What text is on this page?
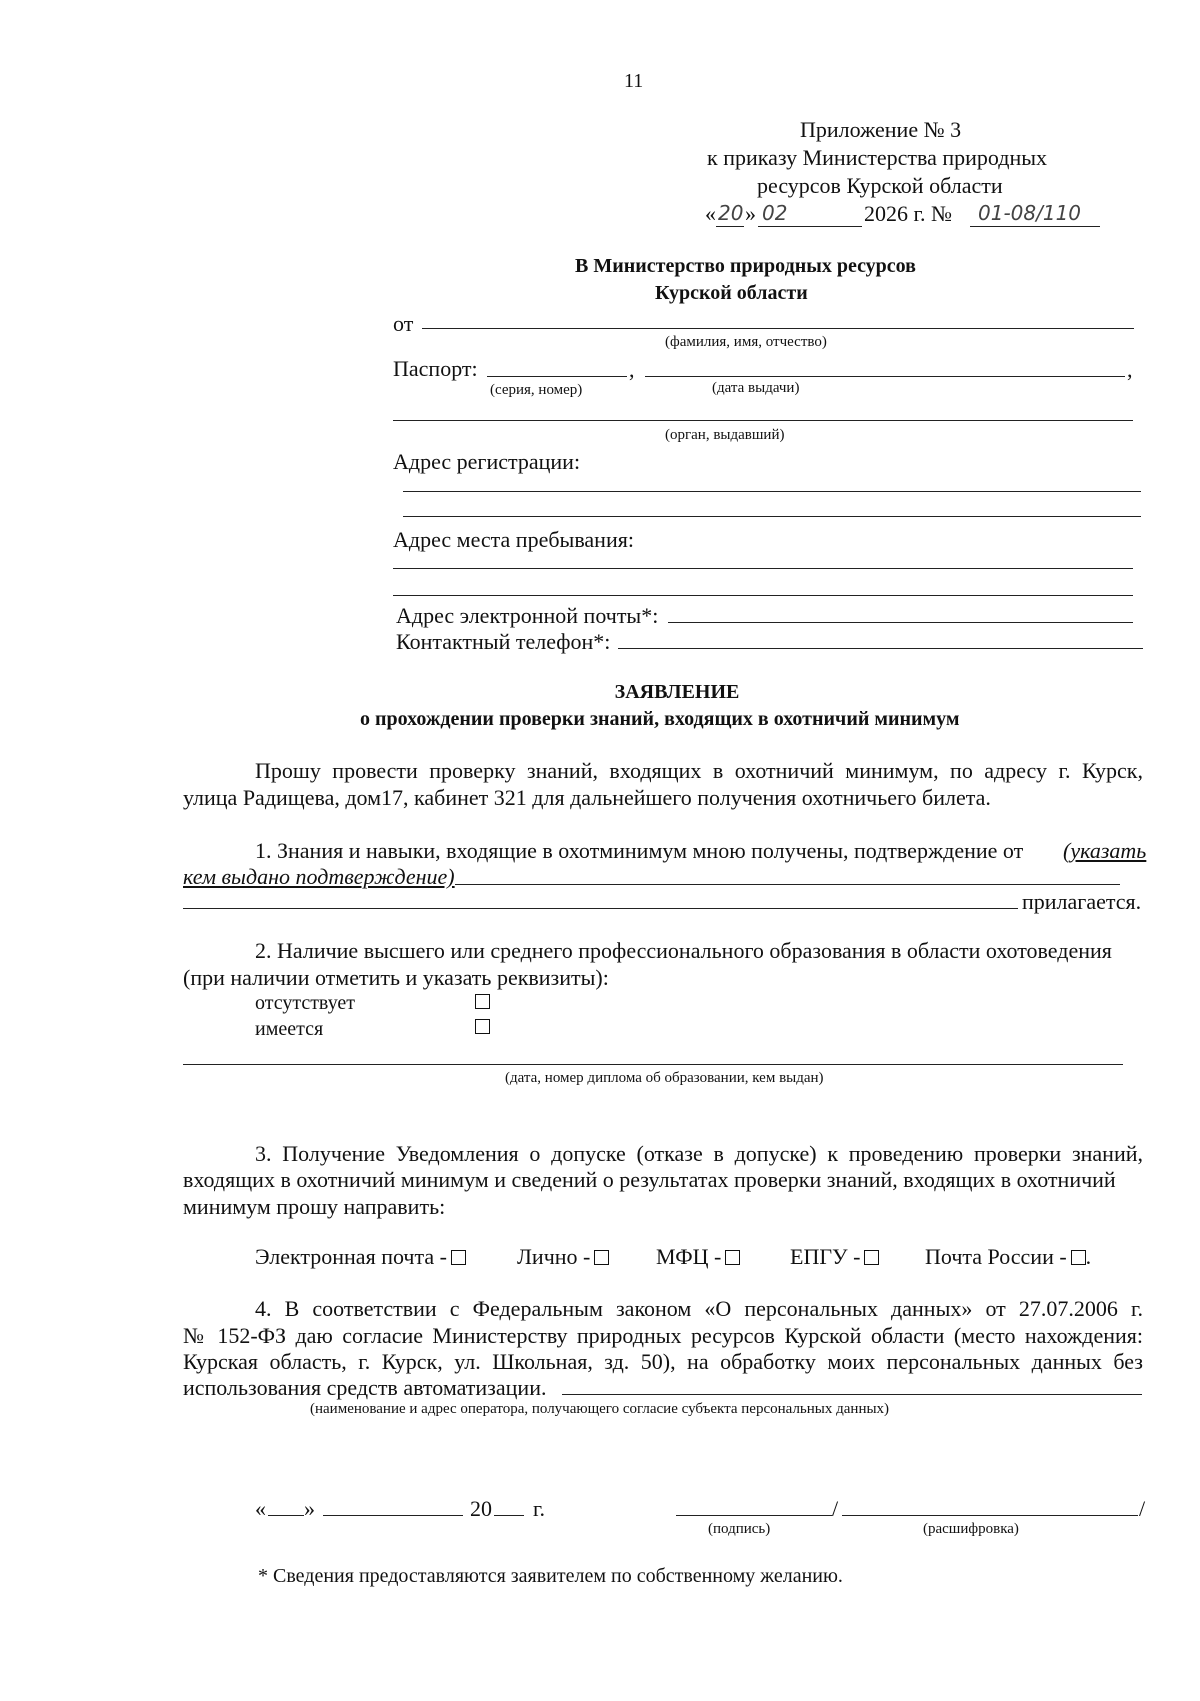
11
Приложение № 3
к приказу Министерства природных
ресурсов Курской области
« 20 » 02	2026 г. № 01-08/110
В Министерство природных ресурсов
Курской области
от
(фамилия, имя, отчество)
Паспорт:	,	,
(серия, номер)	(дата выдачи)
(орган, выдавший)
Адрес регистрации:
Адрес места пребывания:
Адрес электронной почты*:
Контактный телефон*:
ЗАЯВЛЕНИЕ
о прохождении проверки знаний, входящих в охотничий минимум
Прошу провести проверку знаний, входящих в охотничий минимум, по адресу г. Курск,
улица Радищева, дом17, кабинет 321 для дальнейшего получения охотничьего билета.
1. Знания и навыки, входящие в охотминимум мною получены, подтверждение от (указать
кем выдано подтверждение)
прилагается.
2. Наличие высшего или среднего профессионального образования в области охотоведения
(при наличии отметить и указать реквизиты):
отсутствует
имеется
(дата, номер диплома об образовании, кем выдан)
3. Получение Уведомления о допуске (отказе в допуске) к проведению проверки знаний,
входящих в охотничий минимум и сведений о результатах проверки знаний, входящих в охотничий
минимум прошу направить:
Электронная почта -	Лично -	МФЦ -	ЕПГУ -	Почта России - .
4. В соответствии с Федеральным законом «О персональных данных» от 27.07.2006 г.
№ 152-ФЗ даю согласие Министерству природных ресурсов Курской области (место нахождения:
Курская область, г. Курск, ул. Школьная, зд. 50), на обработку моих персональных данных без
использования средств автоматизации.
(наименование и адрес оператора, получающего согласие субъекта персональных данных)
« »	20 г.	/	/
(подпись)	(расшифровка)
* Сведения предоставляются заявителем по собственному желанию.
